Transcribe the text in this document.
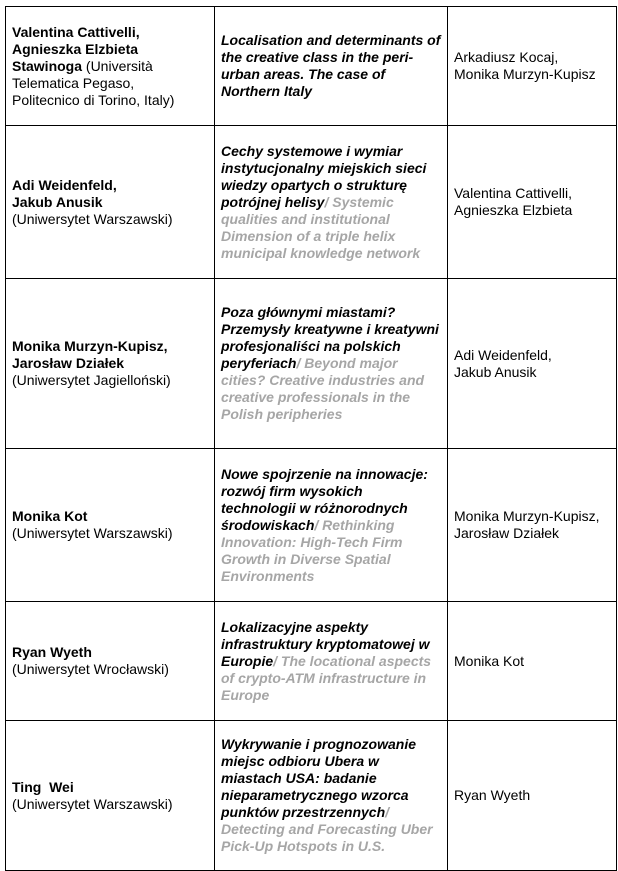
Valentina Cattivelli,
Agnieszka Elzbieta
Stawinoga (Università
Telematica Pegaso,
Politecnico di Torino, Italy)	Localisation and determinants of the creative class in the peri-urban areas. The case of Northern Italy	Arkadiusz Kocaj,
Monika Murzyn-Kupisz

Adi Weidenfeld,
Jakub Anusik
(Uniwersytet Warszawski)	Cechy systemowe i wymiar instytucjonalny miejskich sieci wiedzy opartych o strukturę potrójnej helisy/ Systemic qualities and institutional Dimension of a triple helix municipal knowledge network	Valentina Cattivelli,
Agnieszka Elzbieta

Monika Murzyn-Kupisz,
Jarosław Działek
(Uniwersytet Jagielloński)	Poza głównymi miastami? Przemysły kreatywne i kreatywni profesjonaliści na polskich peryferiach/ Beyond major cities? Creative industries and creative professionals in the Polish peripheries	Adi Weidenfeld,
Jakub Anusik

Monika Kot
(Uniwersytet Warszawski)	Nowe spojrzenie na innowacje: rozwój firm wysokich technologii w różnorodnych środowiskach/ Rethinking Innovation: High-Tech Firm Growth in Diverse Spatial Environments	Monika Murzyn-Kupisz,
Jarosław Działek

Ryan Wyeth
(Uniwersytet Wrocławski)	Lokalizacyjne aspekty infrastruktury kryptomatowej w Europie/ The locational aspects of crypto-ATM infrastructure in Europe	Monika Kot

Ting  Wei
(Uniwersytet Warszawski)	Wykrywanie i prognozowanie miejsc odbioru Ubera w miastach USA: badanie nieparametrycznego wzorca punktów przestrzennych/ Detecting and Forecasting Uber Pick-Up Hotspots in U.S.	Ryan Wyeth
